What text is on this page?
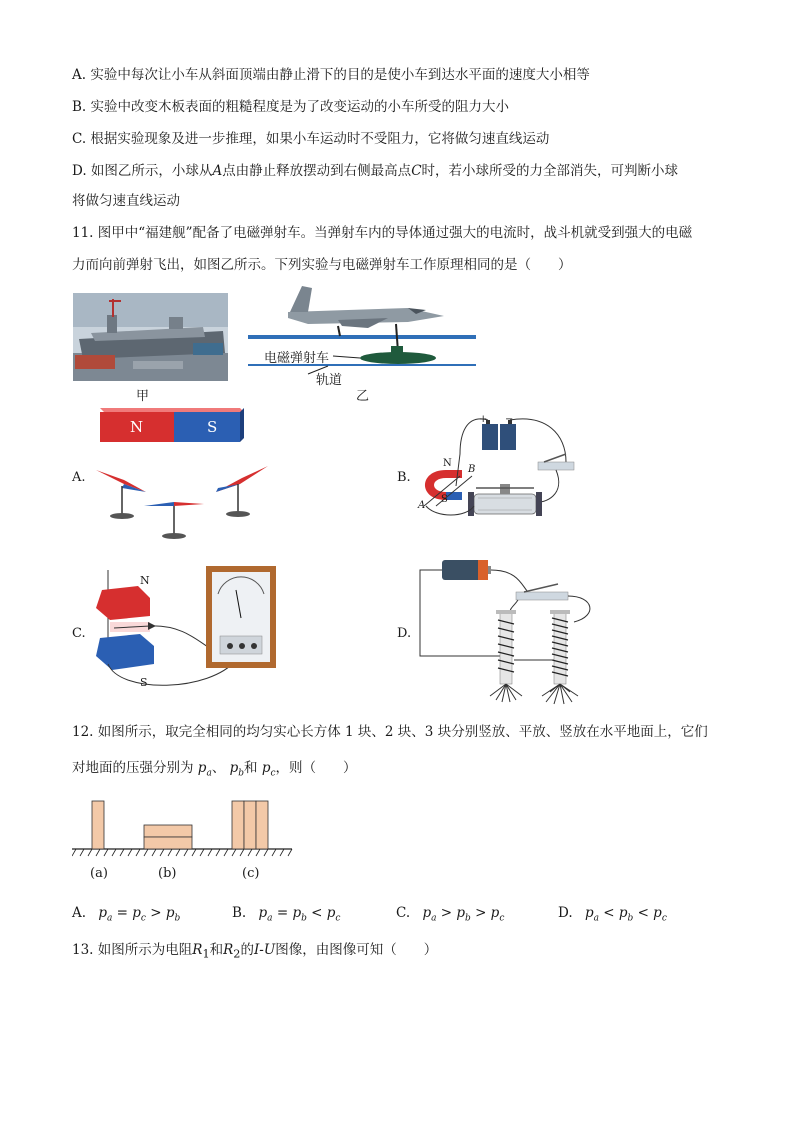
A. 实验中每次让小车从斜面顶端由静止滑下的目的是使小车到达水平面的速度大小相等
B. 实验中改变木板表面的粗糙程度是为了改变运动的小车所受的阻力大小
C. 根据实验现象及进一步推理，如果小车运动时不受阻力，它将做匀速直线运动
D. 如图乙所示，小球从A点由静止释放摆动到右侧最高点C时，若小球所受的力全部消失，可判断小球
将做匀速直线运动
11. 图甲中“福建舰”配备了电磁弹射车。当弹射车内的导体通过强大的电流时，战斗机就受到强大的电磁
力而向前弹射飞出，如图乙所示。下列实验与电磁弹射车工作原理相同的是（　　）
甲
电磁弹射车
轨道
乙
A.
N	S
B.
+ −
N
B
S
A
C.
N
S
D.
12. 如图所示，取完全相同的均匀实心长方体 1 块、2 块、3 块分别竖放、平放、竖放在水平地面上，它们
对地面的压强分别为 $p_a$、 $p_b$和 $p_c$，则（　　）
(a)	(b)	(c)
A. $p_a = p_c > p_b$	B. $p_a = p_b < p_c$	C. $p_a > p_b > p_c$	D. $p_a < p_b < p_c$
13. 如图所示为电阻$R_1$和$R_2$的I-U图像，由图像可知（　　）
